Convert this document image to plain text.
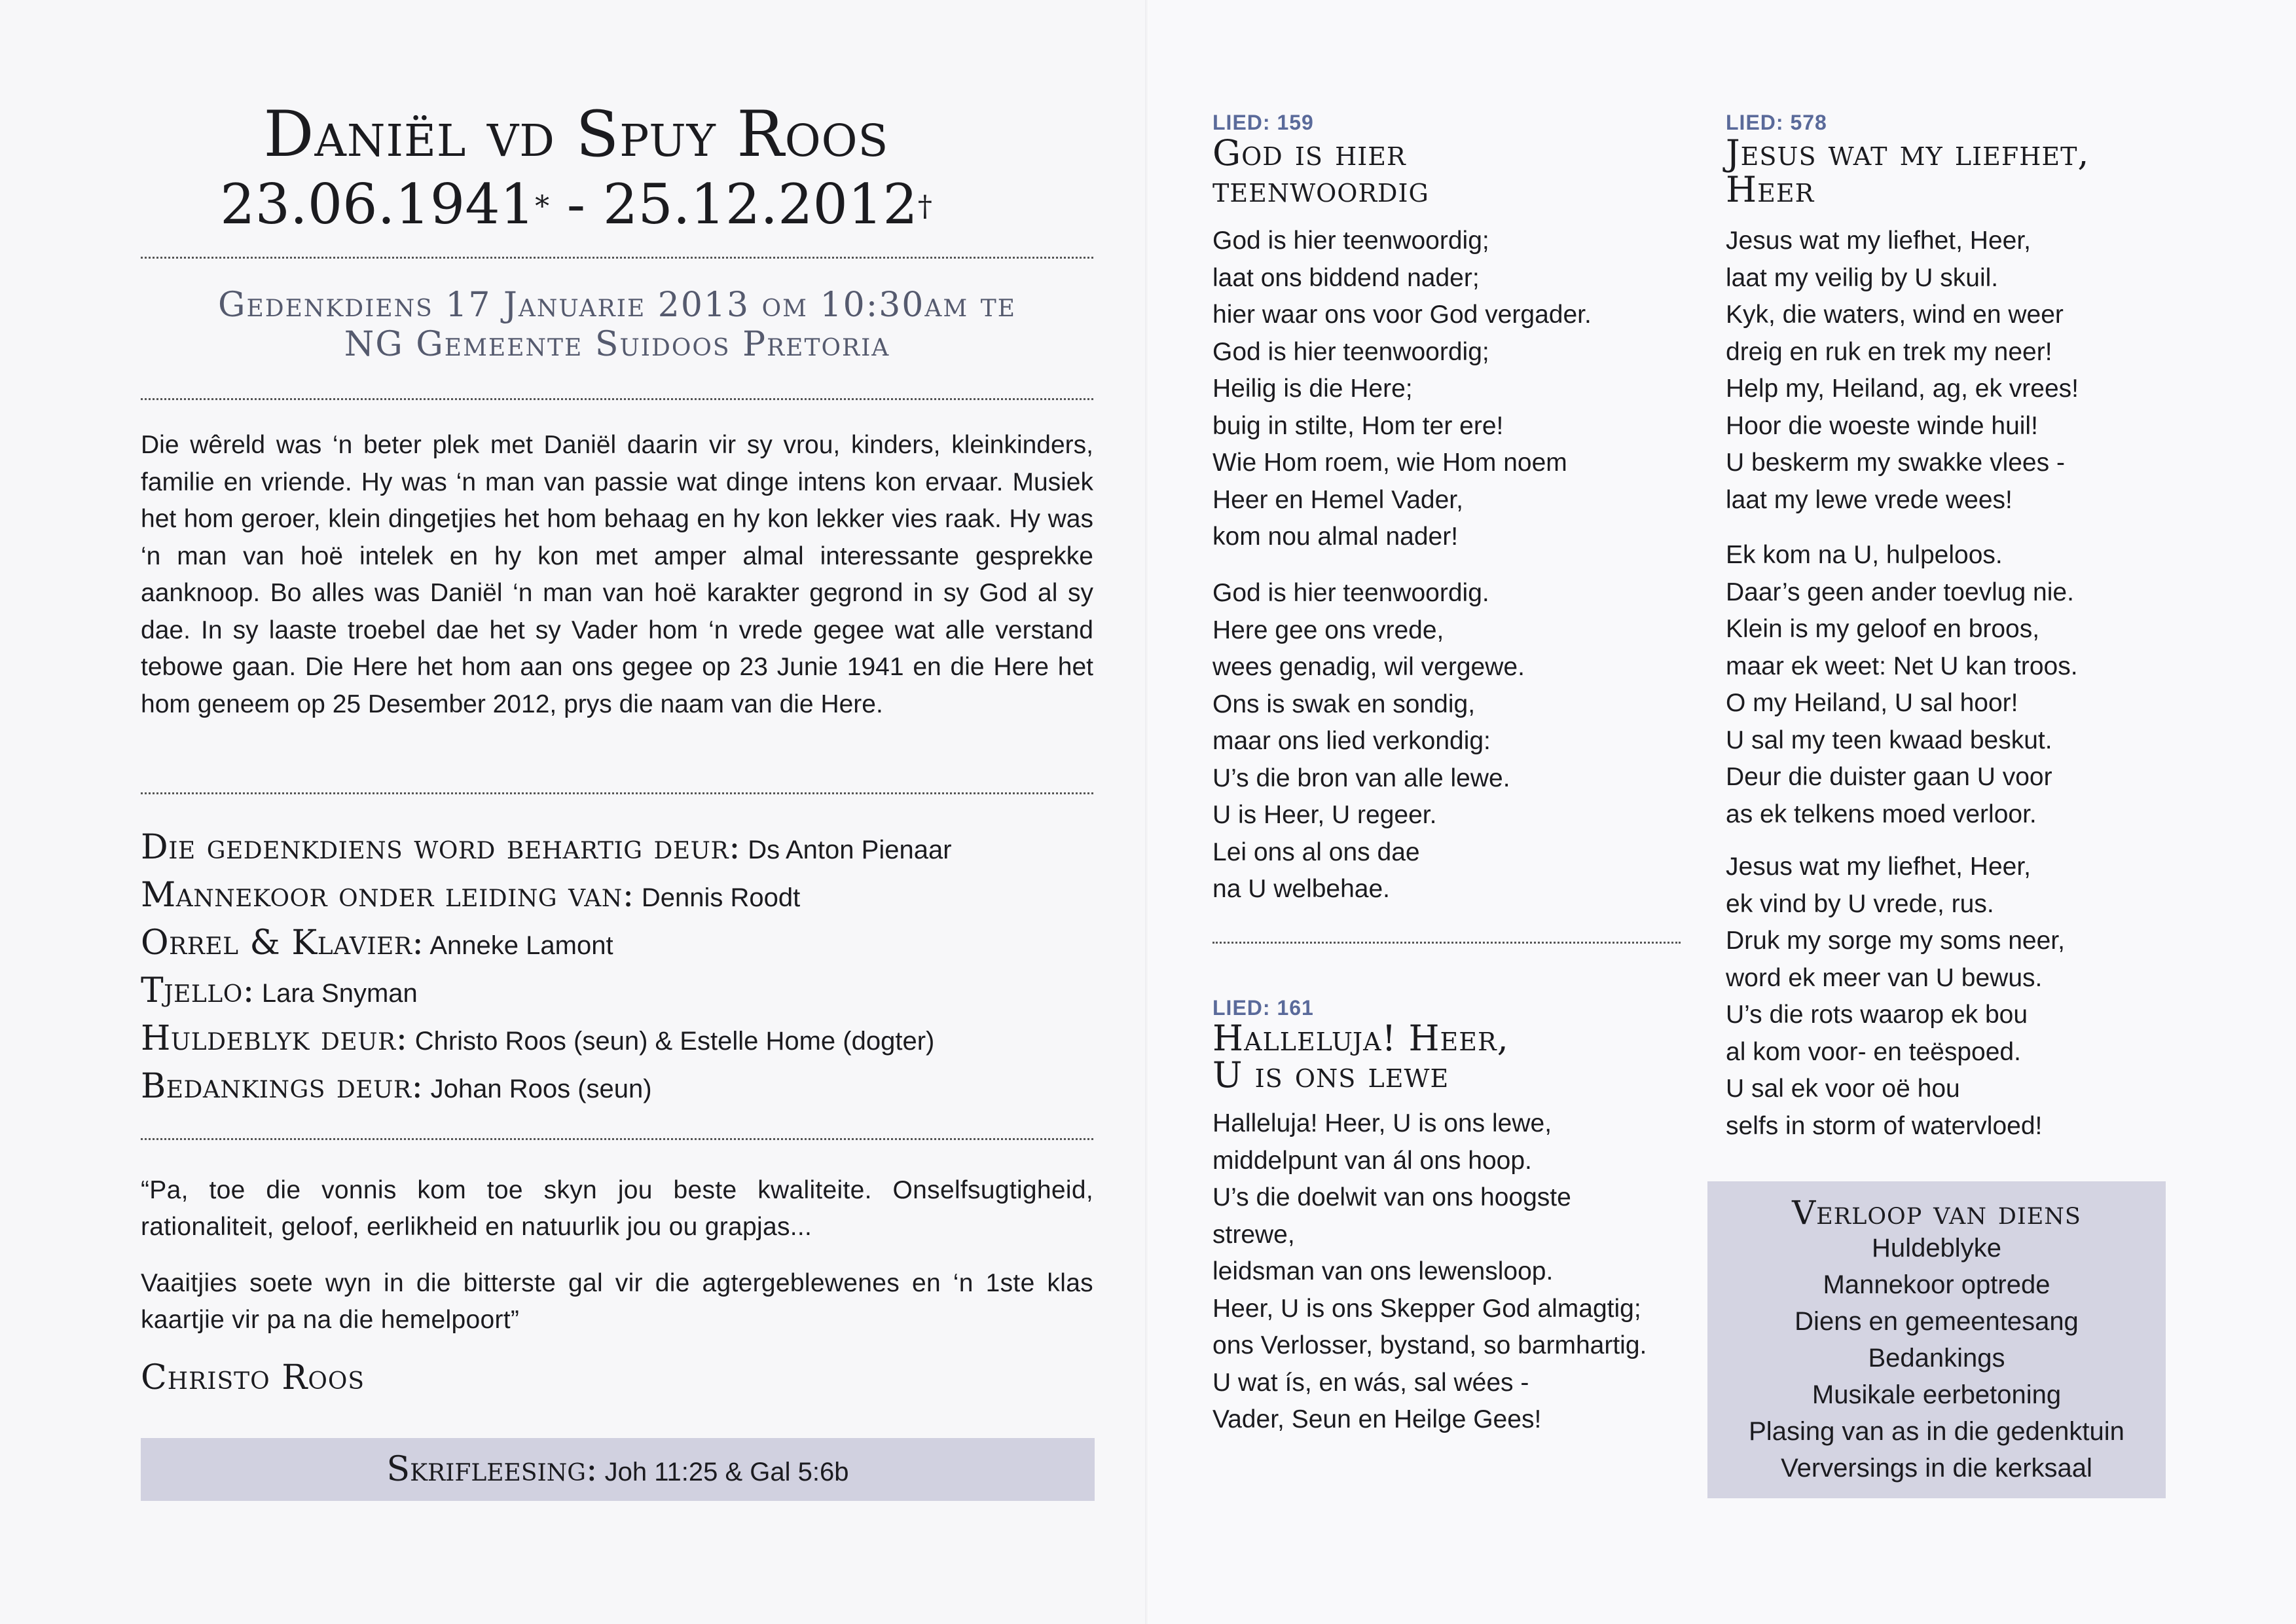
Daniël vd Spuy Roos
23.06.1941* - 25.12.2012†
Gedenkdiens 17 Januarie 2013 om 10:30am te
NG Gemeente Suidoos Pretoria
Die wêreld was ‘n beter plek met Daniël daarin vir sy vrou, kinders, kleinkinders, familie en vriende. Hy was ‘n man van passie wat dinge intens kon ervaar. Musiek het hom geroer, klein dingetjies het hom behaag en hy kon lekker vies raak. Hy was ‘n man van hoë intelek en hy kon met amper almal interessante gesprekke aanknoop. Bo alles was Daniël ‘n man van hoë karakter gegrond in sy God al sy dae. In sy laaste troebel dae het sy Vader hom ‘n vrede gegee wat alle verstand tebowe gaan. Die Here het hom aan ons gegee op 23 Junie 1941 en die Here het hom geneem op 25 Desember 2012, prys die naam van die Here.
Die gedenkdiens word behartig deur: Ds Anton Pienaar
Mannekoor onder leiding van: Dennis Roodt
Orrel & Klavier: Anneke Lamont
Tjello: Lara Snyman
Huldeblyk deur: Christo Roos (seun) & Estelle Home (dogter)
Bedankings deur: Johan Roos (seun)
“Pa, toe die vonnis kom toe skyn jou beste kwaliteite. Onselfsugtigheid, rationaliteit, geloof, eerlikheid en natuurlik jou ou grapjas...
Vaaitjies soete wyn in die bitterste gal vir die agtergeblewenes en ‘n 1ste klas kaartjie vir pa na die hemelpoort”
Christo Roos
Skrifleesing: Joh 11:25 & Gal 5:6b
LIED: 159
God is hier
teenwoordig
God is hier teenwoordig;
laat ons biddend nader;
hier waar ons voor God vergader.
God is hier teenwoordig;
Heilig is die Here;
buig in stilte, Hom ter ere!
Wie Hom roem, wie Hom noem
Heer en Hemel Vader,
kom nou almal nader!
God is hier teenwoordig.
Here gee ons vrede,
wees genadig, wil vergewe.
Ons is swak en sondig,
maar ons lied verkondig:
U’s die bron van alle lewe.
U is Heer, U regeer.
Lei ons al ons dae
na U welbehae.
LIED: 161
Halleluja! Heer,
U is ons lewe
Halleluja! Heer, U is ons lewe,
middelpunt van ál ons hoop.
U’s die doelwit van ons hoogste
strewe,
leidsman van ons lewensloop.
Heer, U is ons Skepper God almagtig;
ons Verlosser, bystand, so barmhartig.
U wat ís, en wás, sal wées -
Vader, Seun en Heilge Gees!
LIED: 578
Jesus wat my liefhet,
Heer
Jesus wat my liefhet, Heer,
laat my veilig by U skuil.
Kyk, die waters, wind en weer
dreig en ruk en trek my neer!
Help my, Heiland, ag, ek vrees!
Hoor die woeste winde huil!
U beskerm my swakke vlees -
laat my lewe vrede wees!
Ek kom na U, hulpeloos.
Daar’s geen ander toevlug nie.
Klein is my geloof en broos,
maar ek weet: Net U kan troos.
O my Heiland, U sal hoor!
U sal my teen kwaad beskut.
Deur die duister gaan U voor
as ek telkens moed verloor.
Jesus wat my liefhet, Heer,
ek vind by U vrede, rus.
Druk my sorge my soms neer,
word ek meer van U bewus.
U’s die rots waarop ek bou
al kom voor- en teëspoed.
U sal ek voor oë hou
selfs in storm of watervloed!
Verloop van diens
Huldeblyke
Mannekoor optrede
Diens en gemeentesang
Bedankings
Musikale eerbetoning
Plasing van as in die gedenktuin
Verversings in die kerksaal
